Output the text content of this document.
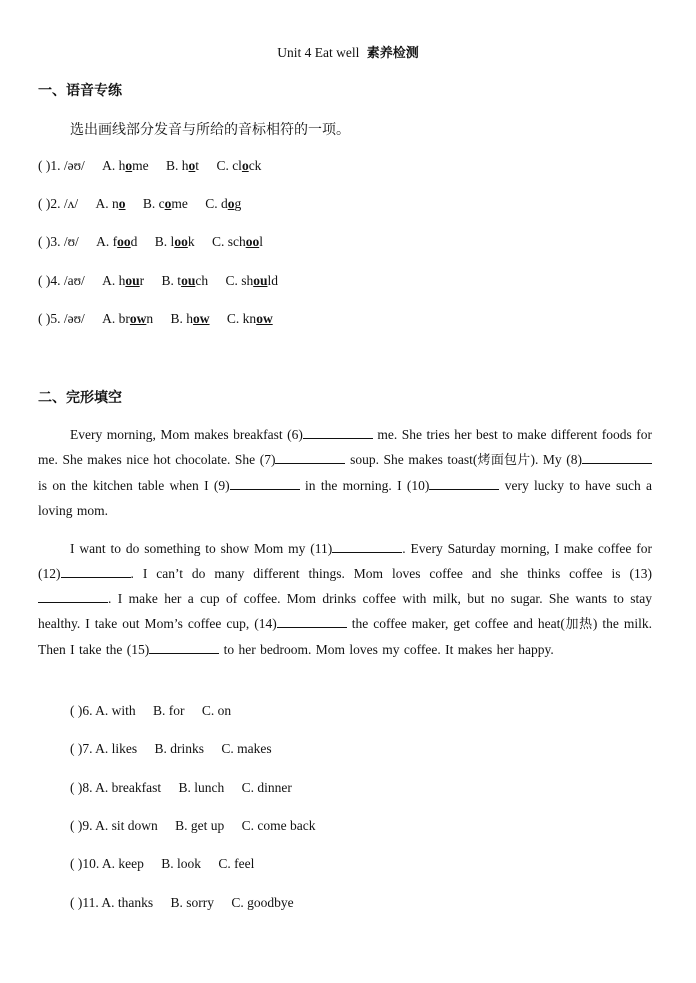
Unit 4 Eat well 素养检测
一、语音专练
选出画线部分发音与所给的音标相符的一项。
( )1. /əʊ/ A. home B. hot C. clock
( )2. /ʌ/ A. no B. come C. dog
( )3. /ʊ/ A. food B. look C. school
( )4. /aʊ/ A. hour B. touch C. should
( )5. /əʊ/ A. brown B. how C. know
二、完形填空
Every morning, Mom makes breakfast (6)	me. She tries her best to make different foods for me. She makes nice hot chocolate. She (7)	soup. She makes toast(烤面包片). My (8) is on the kitchen table when I (9)	in the morning. I (10)	very lucky to have such a loving mom.
I want to do something to show Mom my (11)	. Every Saturday morning, I make coffee for (12)	. I can’t do many different things. Mom loves coffee and she thinks coffee is (13). I make her a cup of coffee. Mom drinks coffee with milk, but no sugar. She wants to stay healthy. I take out Mom’s coffee cup, (14)	the coffee maker, get coffee and heat(加热) the milk. Then I take the (15)	to her bedroom. Mom loves my coffee. It makes her happy.
( )6. A. with B. for C. on
( )7. A. likes B. drinks C. makes
( )8. A. breakfast B. lunch C. dinner
( )9. A. sit down B. get up C. come back
( )10. A. keep B. look C. feel
( )11. A. thanks B. sorry C. goodbye
